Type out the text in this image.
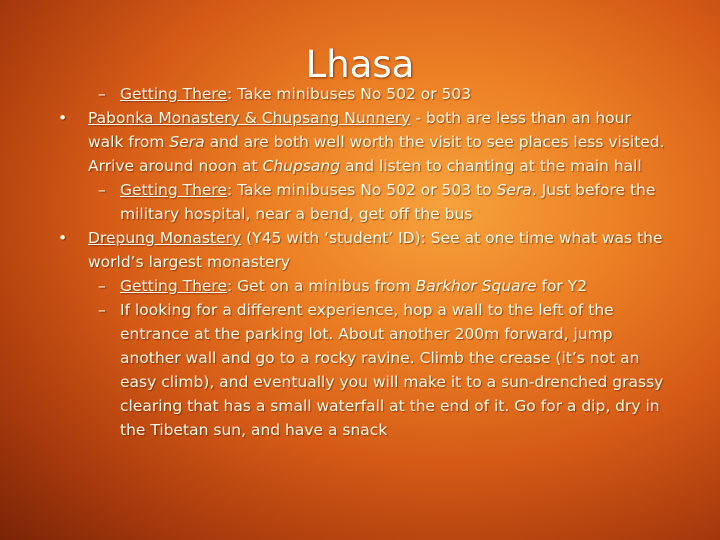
Lhasa

– Getting There: Take minibuses No 502 or 503

• Pabonka Monastery & Chupsang Nunnery - both are less than an hour walk from Sera and are both well worth the visit to see places less visited. Arrive around noon at Chupsang and listen to chanting at the main hall

– Getting There: Take minibuses No 502 or 503 to Sera. Just before the military hospital, near a bend, get off the bus

• Drepung Monastery (Y45 with ‘student’ ID): See at one time what was the world’s largest monastery

– Getting There: Get on a minibus from Barkhor Square for Y2

– If looking for a different experience, hop a wall to the left of the entrance at the parking lot. About another 200m forward, jump another wall and go to a rocky ravine. Climb the crease (it’s not an easy climb), and eventually you will make it to a sun-drenched grassy clearing that has a small waterfall at the end of it. Go for a dip, dry in the Tibetan sun, and have a snack
